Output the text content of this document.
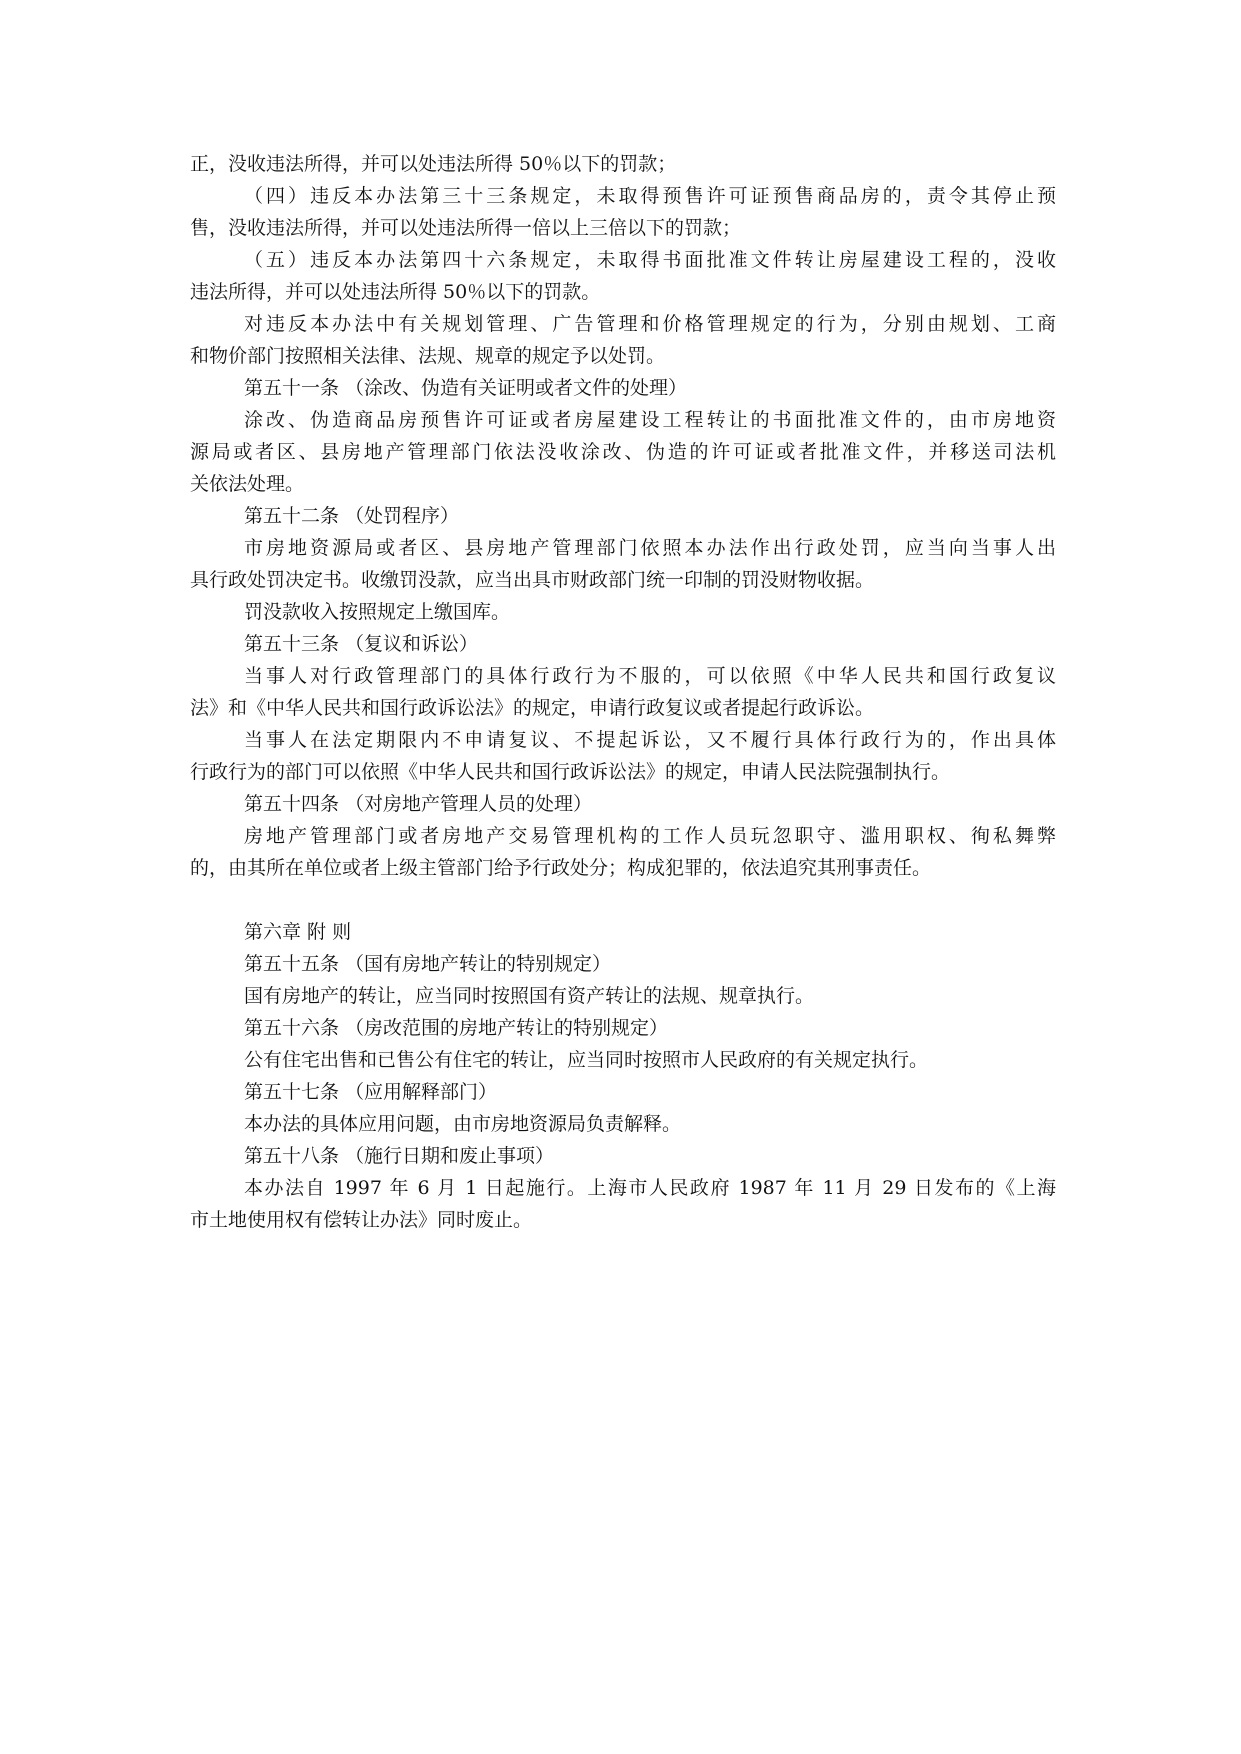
正，没收违法所得，并可以处违法所得 50％以下的罚款；
（四）违反本办法第三十三条规定，未取得预售许可证预售商品房的，责令其停止预
售，没收违法所得，并可以处违法所得一倍以上三倍以下的罚款；
（五）违反本办法第四十六条规定，未取得书面批准文件转让房屋建设工程的，没收
违法所得，并可以处违法所得 50％以下的罚款。
对违反本办法中有关规划管理、广告管理和价格管理规定的行为，分别由规划、工商
和物价部门按照相关法律、法规、规章的规定予以处罚。
第五十一条 （涂改、伪造有关证明或者文件的处理）
涂改、伪造商品房预售许可证或者房屋建设工程转让的书面批准文件的，由市房地资
源局或者区、县房地产管理部门依法没收涂改、伪造的许可证或者批准文件，并移送司法机
关依法处理。
第五十二条 （处罚程序）
市房地资源局或者区、县房地产管理部门依照本办法作出行政处罚，应当向当事人出
具行政处罚决定书。收缴罚没款，应当出具市财政部门统一印制的罚没财物收据。
罚没款收入按照规定上缴国库。
第五十三条 （复议和诉讼）
当事人对行政管理部门的具体行政行为不服的，可以依照《中华人民共和国行政复议
法》和《中华人民共和国行政诉讼法》的规定，申请行政复议或者提起行政诉讼。
当事人在法定期限内不申请复议、不提起诉讼，又不履行具体行政行为的，作出具体
行政行为的部门可以依照《中华人民共和国行政诉讼法》的规定，申请人民法院强制执行。
第五十四条 （对房地产管理人员的处理）
房地产管理部门或者房地产交易管理机构的工作人员玩忽职守、滥用职权、徇私舞弊
的，由其所在单位或者上级主管部门给予行政处分；构成犯罪的，依法追究其刑事责任。
第六章 附 则
第五十五条 （国有房地产转让的特别规定）
国有房地产的转让，应当同时按照国有资产转让的法规、规章执行。
第五十六条 （房改范围的房地产转让的特别规定）
公有住宅出售和已售公有住宅的转让，应当同时按照市人民政府的有关规定执行。
第五十七条 （应用解释部门）
本办法的具体应用问题，由市房地资源局负责解释。
第五十八条 （施行日期和废止事项）
本办法自 1997 年 6 月 1 日起施行。上海市人民政府 1987 年 11 月 29 日发布的《上海
市土地使用权有偿转让办法》同时废止。
